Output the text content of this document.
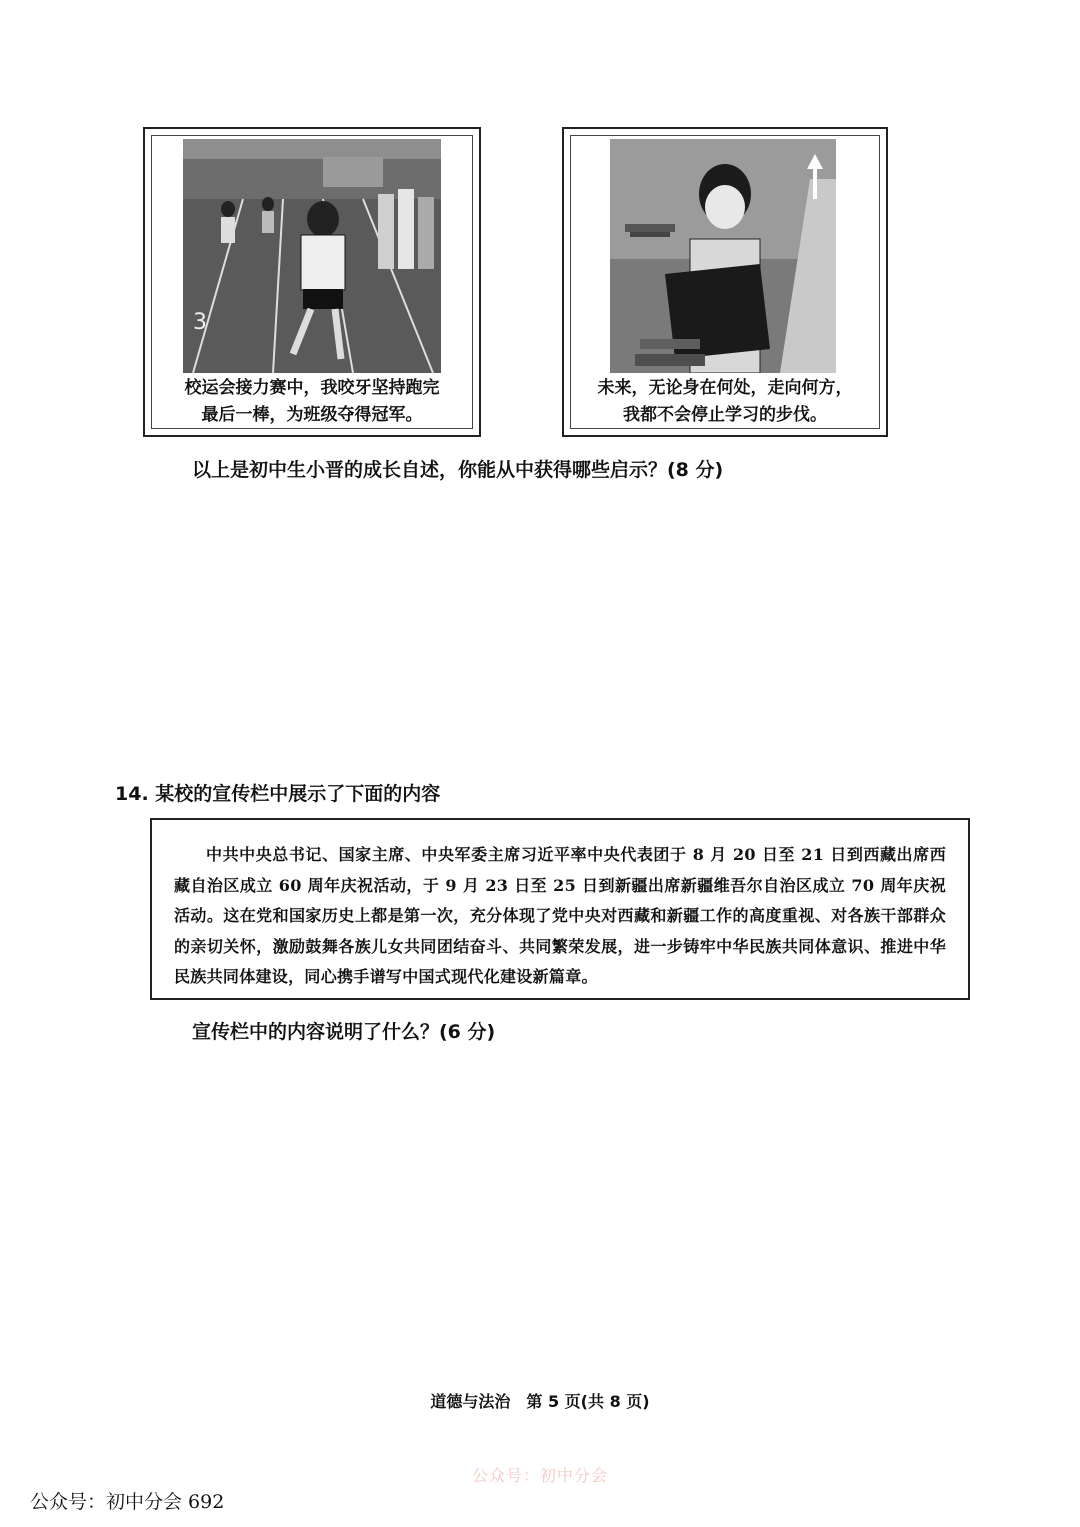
3
校运会接力赛中，我咬牙坚持跑完
最后一棒，为班级夺得冠军。
未来，无论身在何处，走向何方，
我都不会停止学习的步伐。
以上是初中生小晋的成长自述，你能从中获得哪些启示？(8 分)
14. 某校的宣传栏中展示了下面的内容
中共中央总书记、国家主席、中央军委主席习近平率中央代表团于 8 月 20 日至 21 日到西藏出席西藏自治区成立 60 周年庆祝活动，于 9 月 23 日至 25 日到新疆出席新疆维吾尔自治区成立 70 周年庆祝活动。这在党和国家历史上都是第一次，充分体现了党中央对西藏和新疆工作的高度重视、对各族干部群众的亲切关怀，激励鼓舞各族儿女共同团结奋斗、共同繁荣发展，进一步铸牢中华民族共同体意识、推进中华民族共同体建设，同心携手谱写中国式现代化建设新篇章。
宣传栏中的内容说明了什么？(6 分)
道德与法治　第 5 页(共 8 页)
公众号：初中分会
公众号：初中分会 692
